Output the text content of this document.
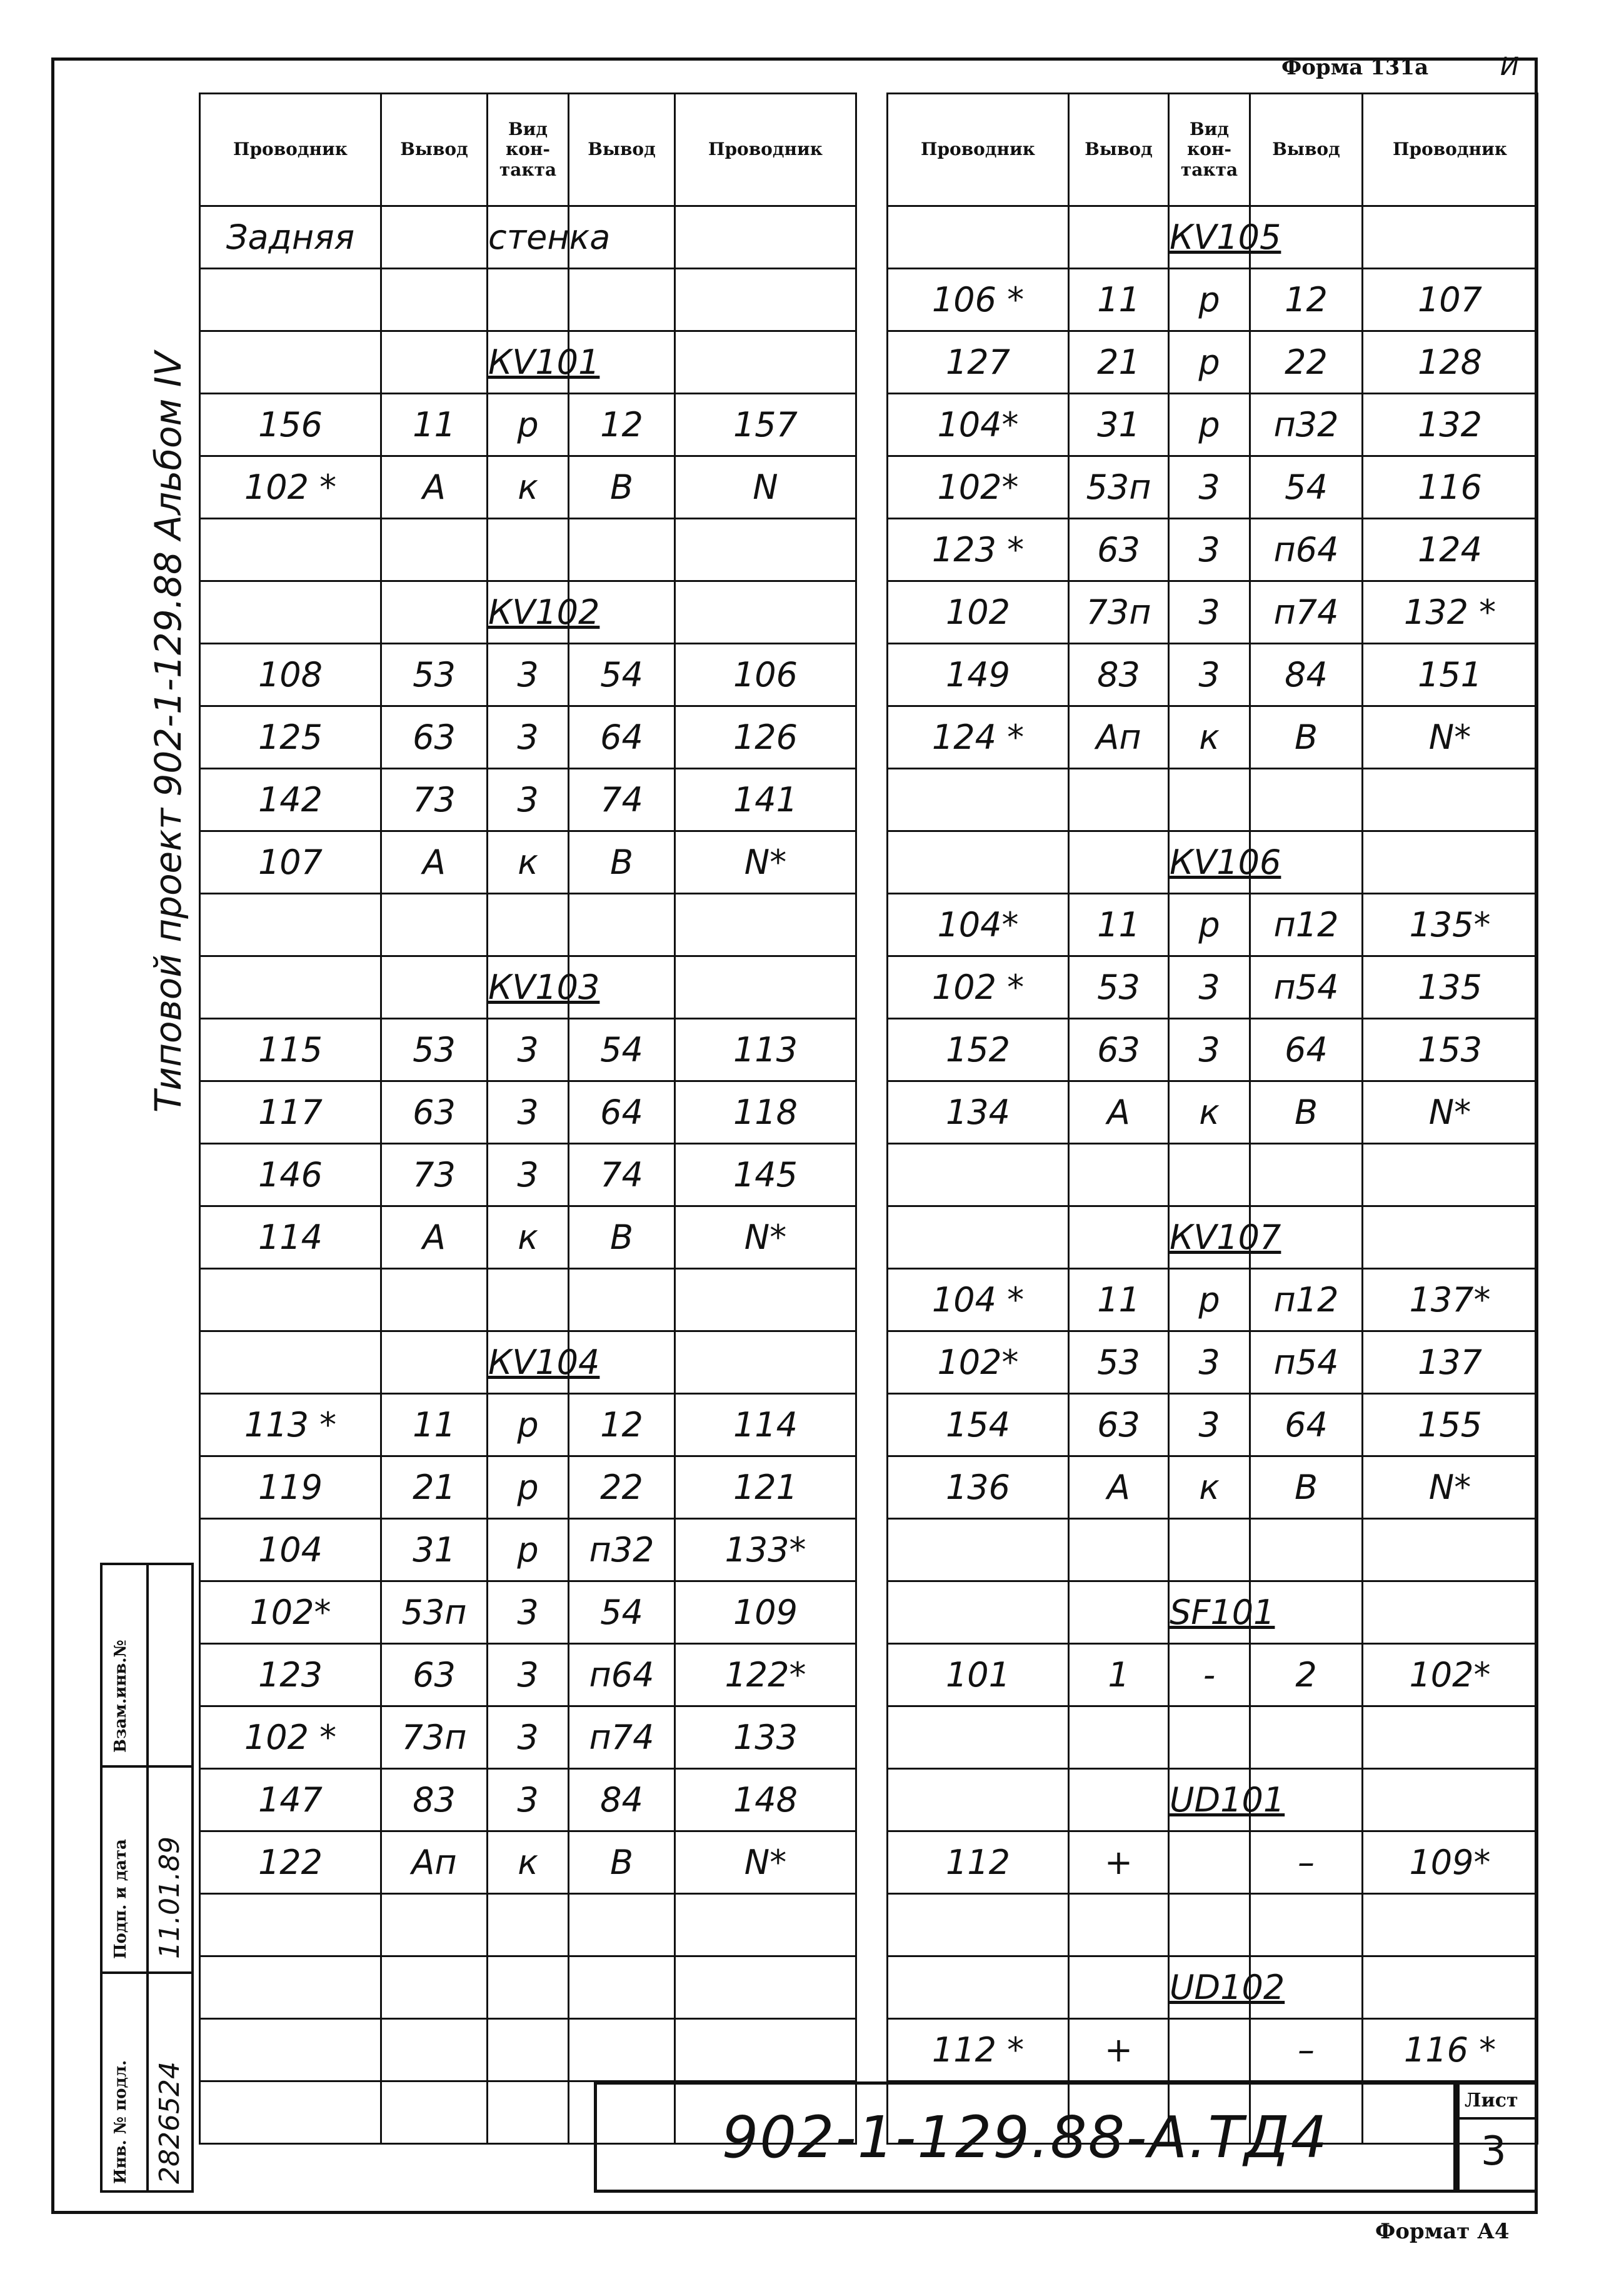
Форма 131а	И
Типовой проект 902-1-129.88 Альбом IV
Взам.инв.№
Подп. и дата
Инв. № подл.
11.01.89
2826524
Проводник	Вывод	Вид кон-такта	Вывод	Проводник
Задняя		стенка		

		КV101		
156	11	р	12	157
102 *	А	к	В	N

		КV102		
108	53	3	54	106
125	63	3	64	126
142	73	3	74	141
107	А	к	В	N*

		КV103		
115	53	3	54	113
117	63	3	64	118
146	73	3	74	145
114	А	к	В	N*

		КV104		
113 *	11	р	12	114
119	21	р	22	121
104	31	р	п32	133*
102*	53п	3	54	109
123	63	3	п64	122*
102 *	73п	3	п74	133
147	83	3	84	148
122	Ап	к	В	N*

Проводник	Вывод	Вид кон-такта	Вывод	Проводник
		КV105		
106 *	11	р	12	107
127	21	р	22	128
104*	31	р	п32	132
102*	53п	3	54	116
123 *	63	3	п64	124
102	73п	3	п74	132 *
149	83	3	84	151
124 *	Ап	к	В	N*

		КV106		
104*	11	р	п12	135*
102 *	53	3	п54	135
152	63	3	64	153
134	А	к	В	N*

		КV107		
104 *	11	р	п12	137*
102*	53	3	п54	137
154	63	3	64	155
136	А	к	В	N*

		SF101		
101	1	-	2	102*

		UD101		
112	+		–	109*

		UD102		
112 *	+		–	116 *

902-1-129.88-А.ТД4
Лист
3
Формат А4
